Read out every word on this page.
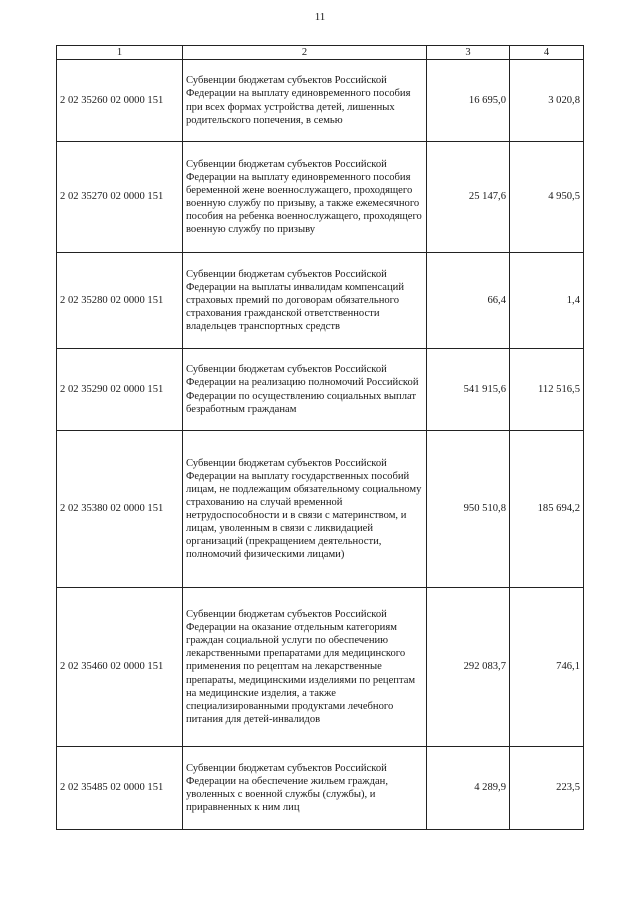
11
1	2	3	4
2 02 35260 02 0000 151	Субвенции бюджетам субъектов Российской Федерации на выплату единовременного пособия при всех формах устройства детей, лишенных родительского попечения, в семью	16 695,0	3 020,8
2 02 35270 02 0000 151	Субвенции бюджетам субъектов Российской Федерации на выплату единовременного пособия беременной жене военнослужащего, проходящего военную службу по призыву, а также ежемесячного пособия на ребенка военнослужащего, проходящего военную службу по призыву	25 147,6	4 950,5
2 02 35280 02 0000 151	Субвенции бюджетам субъектов Российской Федерации на выплаты инвалидам компенсаций страховых премий по договорам обязательного страхования гражданской ответственности владельцев транспортных средств	66,4	1,4
2 02 35290 02 0000 151	Субвенции бюджетам субъектов Российской Федерации на реализацию полномочий Российской Федерации по осуществлению социальных выплат безработным гражданам	541 915,6	112 516,5
2 02 35380 02 0000 151	Субвенции бюджетам субъектов Российской Федерации на выплату государственных пособий лицам, не подлежащим обязательному социальному страхованию на случай временной нетрудоспособности и в связи с материнством, и лицам, уволенным в связи с ликвидацией организаций (прекращением деятельности, полномочий физическими лицами)	950 510,8	185 694,2
2 02 35460 02 0000 151	Субвенции бюджетам субъектов Российской Федерации на оказание отдельным категориям граждан социальной услуги по обеспечению лекарственными препаратами для медицинского применения по рецептам на лекарственные препараты, медицинскими изделиями по рецептам на медицинские изделия, а также специализированными продуктами лечебного питания для детей-инвалидов	292 083,7	746,1
2 02 35485 02 0000 151	Субвенции бюджетам субъектов Российской Федерации на обеспечение жильем граждан, уволенных с военной службы (службы), и приравненных к ним лиц	4 289,9	223,5
